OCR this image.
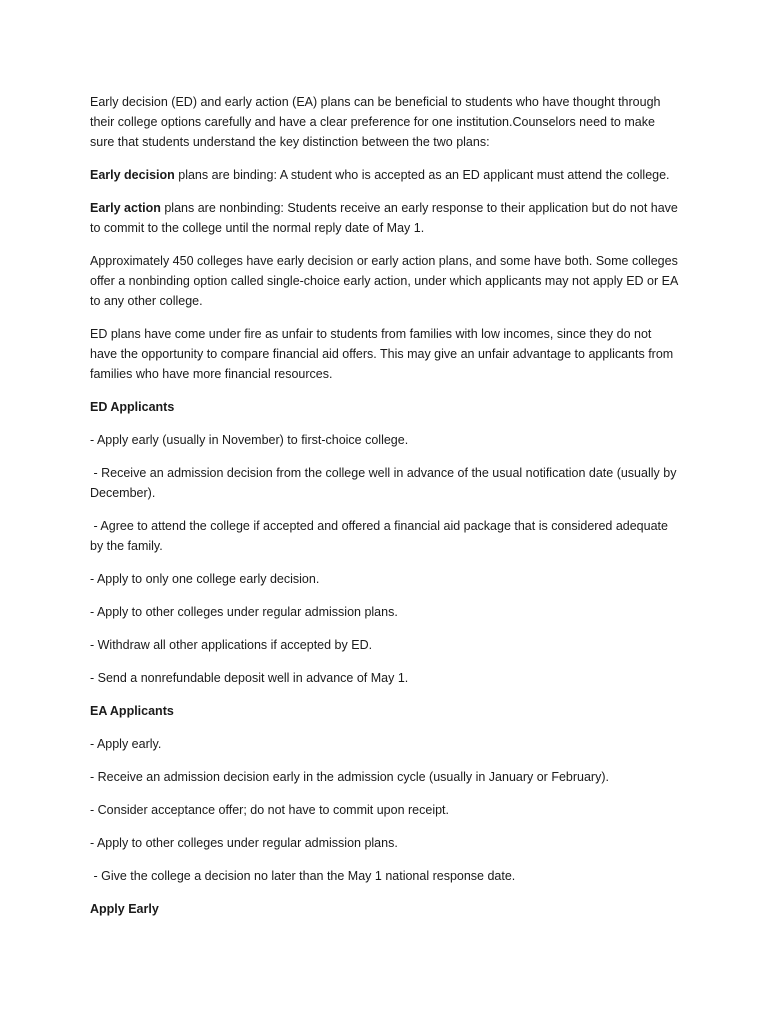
Early decision (ED) and early action (EA) plans can be beneficial to students who have thought through their college options carefully and have a clear preference for one institution.Counselors need to make sure that students understand the key distinction between the two plans:

Early decision plans are binding: A student who is accepted as an ED applicant must attend the college.

Early action plans are nonbinding: Students receive an early response to their application but do not have to commit to the college until the normal reply date of May 1.

Approximately 450 colleges have early decision or early action plans, and some have both. Some colleges offer a nonbinding option called single-choice early action, under which applicants may not apply ED or EA to any other college.

ED plans have come under fire as unfair to students from families with low incomes, since they do not have the opportunity to compare financial aid offers. This may give an unfair advantage to applicants from families who have more financial resources.

ED Applicants

- Apply early (usually in November) to first-choice college.

- Receive an admission decision from the college well in advance of the usual notification date (usually by December).

- Agree to attend the college if accepted and offered a financial aid package that is considered adequate by the family.

- Apply to only one college early decision.

- Apply to other colleges under regular admission plans.

- Withdraw all other applications if accepted by ED.

- Send a nonrefundable deposit well in advance of May 1.

EA Applicants

- Apply early.

- Receive an admission decision early in the admission cycle (usually in January or February).

- Consider acceptance offer; do not have to commit upon receipt.

- Apply to other colleges under regular admission plans.

- Give the college a decision no later than the May 1 national response date.

Apply Early
